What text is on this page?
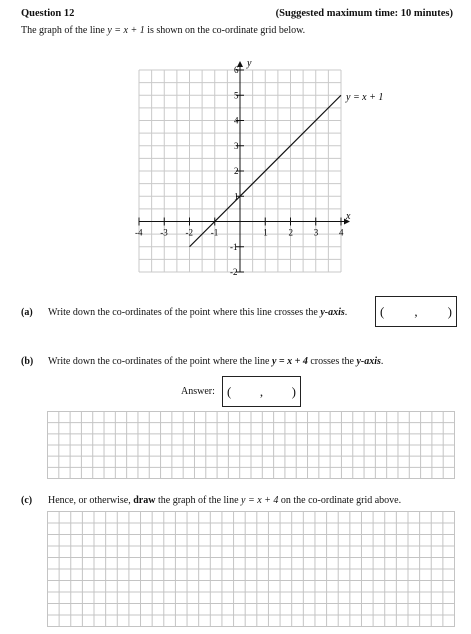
Question 12	(Suggested maximum time: 10 minutes)
The graph of the line y = x + 1 is shown on the co-ordinate grid below.
-4 -3 -2 -1	1 2 3 4
-2
-1
1
2
3
4
5
6
y = x + 1
x
y
(a) Write down the co-ordinates of the point where this line crosses the y-axis.	( , )
(b) Write down the co-ordinates of the point where the line y = x + 4 crosses the y-axis.
Answer: ( , )
(c) Hence, or otherwise, draw the graph of the line y = x + 4 on the co-ordinate grid above.
